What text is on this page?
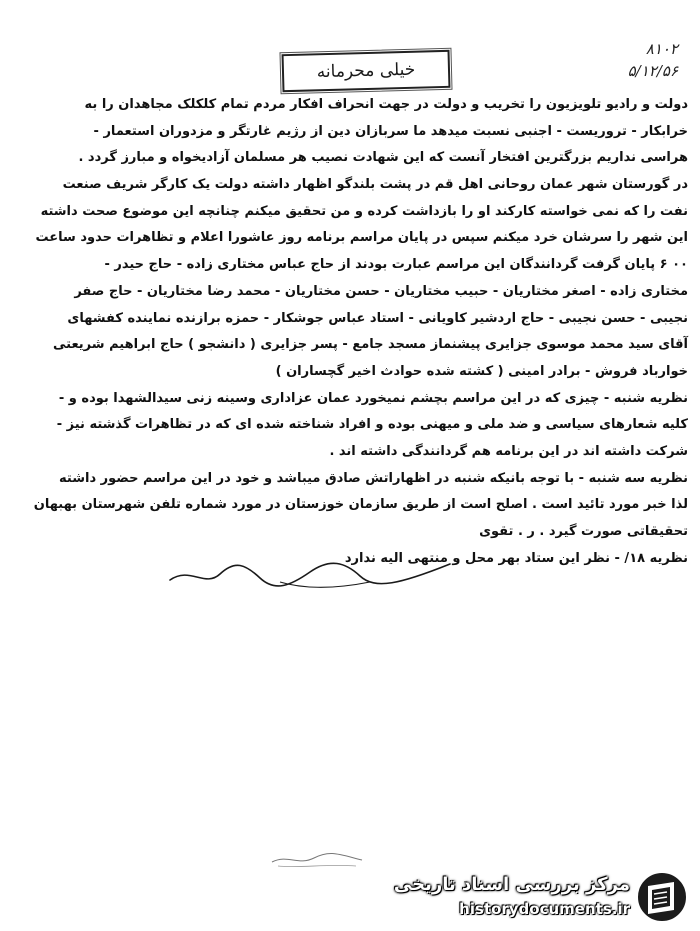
خیلی محرمانه
۸۱۰۲
۵/۱۲/۵۶
دولت و رادیو تلویزیون را تخریب و دولت در جهت انحراف افکار مردم تمام کلکلک مجاهدان را به
خرابکار - تروریست - اجنبی نسبت میدهد ما سربازان دین از رژیم غارتگر و مزدوران استعمار -
هراسی نداریم بزرگترین افتخار آنست که این شهادت نصیب هر مسلمان آزادیخواه و مبارز گردد .
در گورستان شهر عمان روحانی اهل قم در پشت بلندگو اظهار داشته دولت یک کارگر شریف صنعت
نفت را که نمی خواسته کارکند او را بازداشت کرده و من تحقیق میکنم چنانچه این موضوع صحت داشته
این شهر را سرشان خرد میکنم سپس در پایان مراسم برنامه روز عاشورا اعلام و تظاهرات حدود ساعت
۰۰ ۶ پایان گرفت گردانندگان این مراسم عبارت بودند از حاج عباس مختاری زاده - حاج حیدر -
مختاری زاده - اصغر مختاریان - حبیب مختاریان - حسن مختاریان - محمد رضا مختاریان - حاج صفر
نجیبی - حسن نجیبی - حاج اردشیر کاویانی - استاد عباس جوشکار - حمزه برازنده نماینده کفشهای
آقای سید محمد موسوی جزایری پیشنماز مسجد جامع - پسر جزایری ( دانشجو ) حاج ابراهیم شریعتی
خوارباد فروش - برادر امینی ( کشته شده حوادث اخیر گچساران )
نظریه شنبه - چیزی که در این مراسم بچشم نمیخورد عمان عزاداری وسینه زنی سیدالشهدا بوده و -
کلیه شعارهای سیاسی و ضد ملی و میهنی بوده و افراد شناخته شده ای که در تظاهرات گذشته نیز -
شرکت داشته اند در این برنامه هم گردانندگی داشته اند .
نظریه سه شنبه - با توجه بانیکه شنبه در اظهاراتش صادق میباشد و خود در این مراسم حضور داشته
لذا خبر مورد تائید است . اصلح است از طریق سازمان خوزستان در مورد شماره تلفن شهرستان بهبهان
تحقیقاتی صورت گیرد . ر . تقوی
نظریه ۱۸/ - نظر این ستاد بهر محل و منتهی الیه ندارد
مرکز بررسی اسناد تاریخی
historydocuments.ir
